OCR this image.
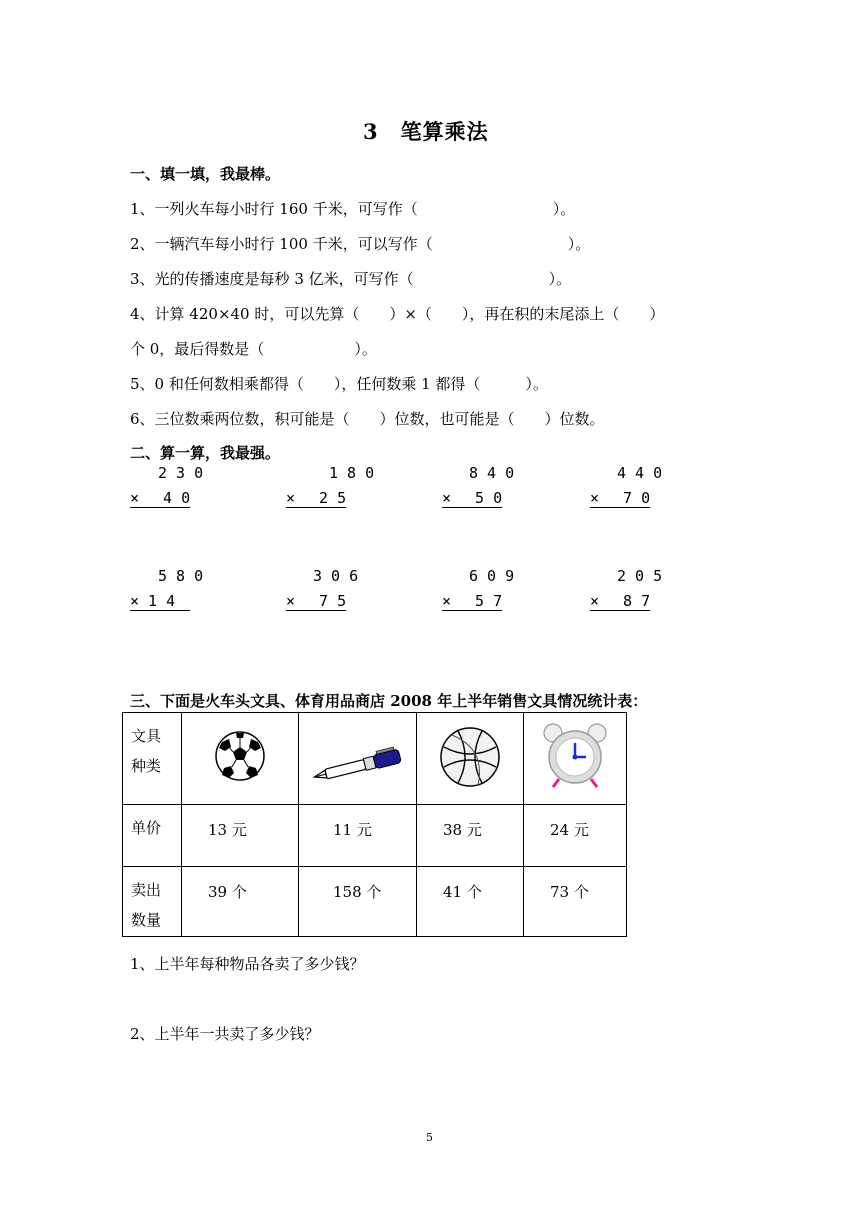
3　笔算乘法
一、填一填，我最棒。
1、一列火车每小时行 160 千米，可写作（　　　　　　　　　）。
2、一辆汽车每小时行 100 千米，可以写作（　　　　　　　　　）。
3、光的传播速度是每秒 3 亿米，可写作（　　　　　　　　　）。
4、计算 420×40 时，可以先算（　　）×（　　），再在积的末尾添上（　　）
个 0，最后得数是（　　　　　　）。
5、0 和任何数相乘都得（　　），任何数乘 1 都得（　　　）。
6、三位数乘两位数，积可能是（　　）位数，也可能是（　　）位数。
二、算一算，我最强。
2 3 0
×　 4 0
1 8 0
×　 2 5
8 4 0
×　 5 0
4 4 0
×　 7 0
5 8 0
× 1 4　
3 0 6
×　 7 5
6 0 9
×　 5 7
2 0 5
×　 8 7
三、下面是火车头文具、体育用品商店 2008 年上半年销售文具情况统计表：
文具
种类

单价	13 元	11 元	38 元	24 元

卖出
数量	39 个	158 个	41 个	73 个
1、上半年每种物品各卖了多少钱？
2、上半年一共卖了多少钱？
5
